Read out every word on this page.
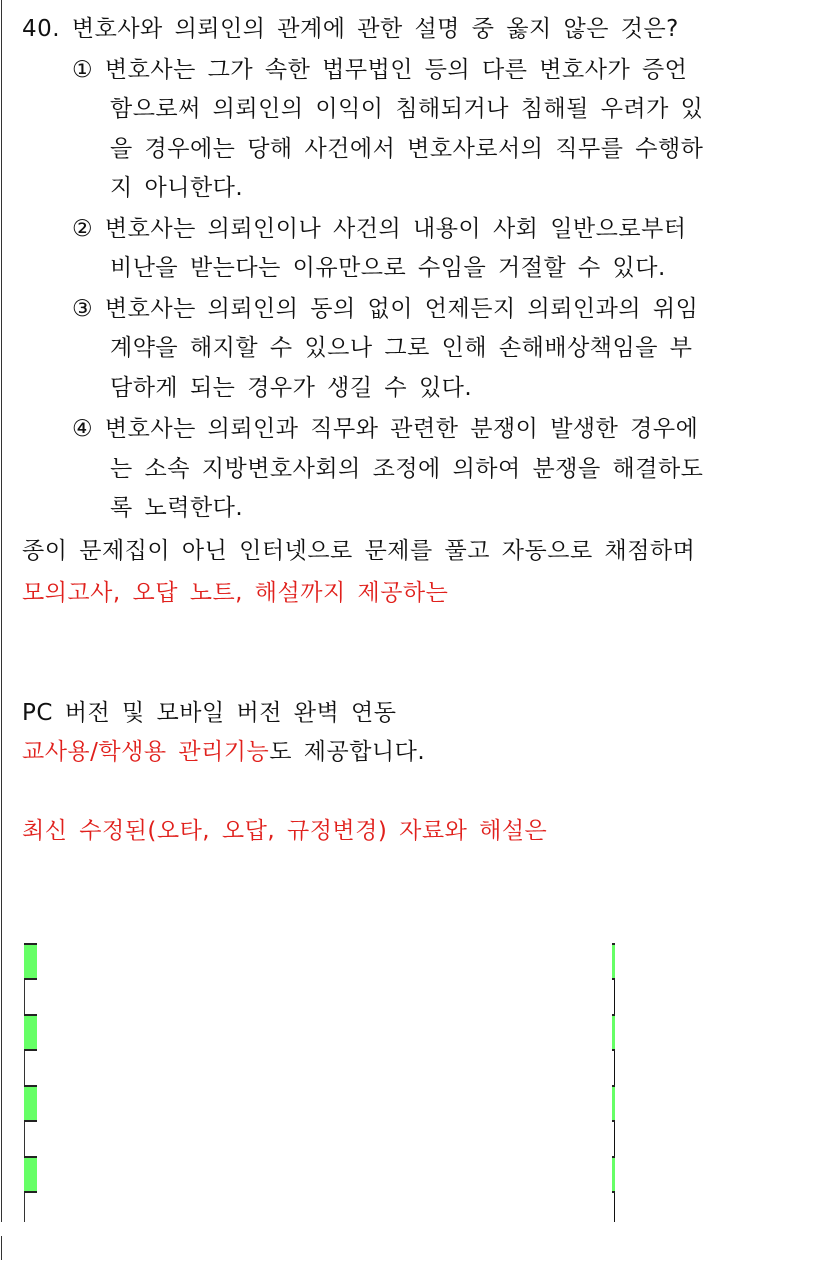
40. 변호사와 의뢰인의 관계에 관한 설명 중 옳지 않은 것은?
① 변호사는 그가 속한 법무법인 등의 다른 변호사가 증언
함으로써 의뢰인의 이익이 침해되거나 침해될 우려가 있
을 경우에는 당해 사건에서 변호사로서의 직무를 수행하
지 아니한다.
② 변호사는 의뢰인이나 사건의 내용이 사회 일반으로부터
비난을 받는다는 이유만으로 수임을 거절할 수 있다.
③ 변호사는 의뢰인의 동의 없이 언제든지 의뢰인과의 위임
계약을 해지할 수 있으나 그로 인해 손해배상책임을 부
담하게 되는 경우가 생길 수 있다.
④ 변호사는 의뢰인과 직무와 관련한 분쟁이 발생한 경우에
는 소속 지방변호사회의 조정에 의하여 분쟁을 해결하도
록 노력한다.
종이 문제집이 아닌 인터넷으로 문제를 풀고 자동으로 채점하며
모의고사, 오답 노트, 해설까지 제공하는
PC 버전 및 모바일 버전 완벽 연동
교사용/학생용 관리기능도 제공합니다.
최신 수정된(오타, 오답, 규정변경) 자료와 해설은
